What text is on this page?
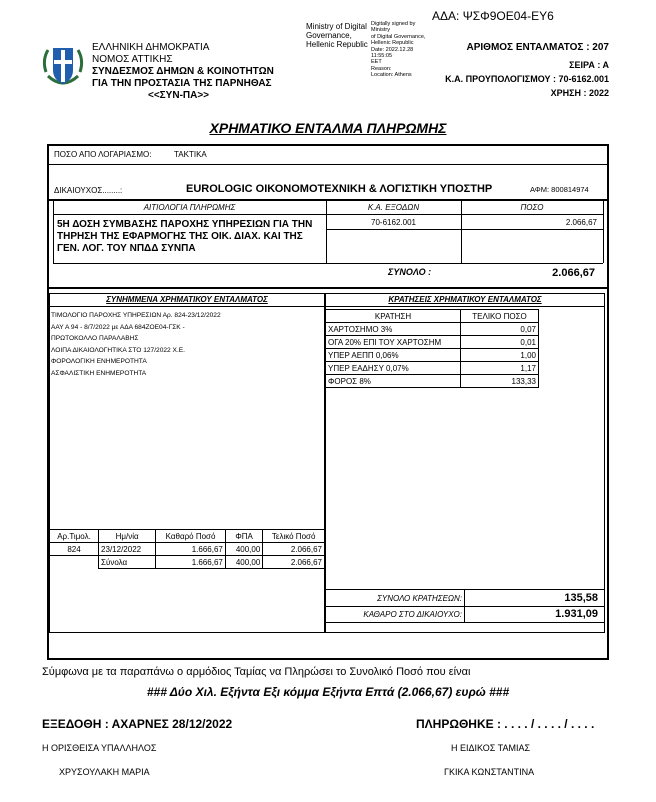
ΑΔΑ: ΨΣΦ9ΟΕ04-ΕΥ6
ΕΛΛΗΝΙΚΗ ΔΗΜΟΚΡΑΤΙΑ
ΝΟΜΟΣ ΑΤΤΙΚΗΣ
ΣΥΝΔΕΣΜΟΣ ΔΗΜΩΝ & ΚΟΙΝΟΤΗΤΩΝ
ΓΙΑ ΤΗΝ ΠΡΟΣΤΑΣΙΑ ΤΗΣ ΠΑΡΝΗΘΑΣ
<<ΣΥΝ-ΠΑ>>
Ministry of Digital
Governance,
Hellenic Republic
Digitally signed by Ministry
of Digital Governance,
Hellenic Republic
Date: 2022.12.28 11:55:05
EET
Reason:
Location: Athens
ΑΡΙΘΜΟΣ ΕΝΤΑΛΜΑΤΟΣ : 207
ΣΕΙΡΑ : Α
Κ.Α. ΠΡΟΥΠΟΛΟΓΙΣΜΟΥ : 70-6162.001
ΧΡΗΣΗ : 2022
ΧΡΗΜΑΤΙΚΟ ΕΝΤΑΛΜΑ ΠΛΗΡΩΜΗΣ
ΠΟΣΟ ΑΠΟ ΛΟΓΑΡΙΑΣΜΟ:	ΤΑΚΤΙΚΑ
ΔΙΚΑΙΟΥΧΟΣ........:	EUROLOGIC ΟΙΚΟΝΟΜΟΤΕΧΝΙΚΗ & ΛΟΓΙΣΤΙΚΗ ΥΠΟΣΤΗΡ	ΑΦΜ: 800814974
ΑΙΤΙΟΛΟΓΙΑ ΠΛΗΡΩΜΗΣ	Κ.Α. ΕΞΟΔΩΝ	ΠΟΣΟ
5Η ΔΟΣΗ ΣΥΜΒΑΣΗΣ ΠΑΡΟΧΗΣ ΥΠΗΡΕΣΙΩΝ ΓΙΑ ΤΗΝ ΤΗΡΗΣΗ ΤΗΣ ΕΦΑΡΜΟΓΗΣ ΤΗΣ ΟΙΚ. ΔΙΑΧ. ΚΑΙ ΤΗΣ ΓΕΝ. ΛΟΓ. ΤΟΥ ΝΠΔΔ ΣΥΝΠΑ
70-6162.001	2.066,67
ΣΥΝΟΛΟ :	2.066,67
ΣΥΝΗΜΜΕΝΑ ΧΡΗΜΑΤΙΚΟΥ ΕΝΤΑΛΜΑΤΟΣ	ΚΡΑΤΗΣΕΙΣ ΧΡΗΜΑΤΙΚΟΥ ΕΝΤΑΛΜΑΤΟΣ
ΤΙΜΟΛΟΓΙΟ ΠΑΡΟΧΗΣ ΥΠΗΡΕΣΙΩΝ Αρ. 824-23/12/2022
ΑΑΥ Α 94 - 8/7/2022 με ΑΔΑ 684ΖΟΕ04-ΓΣΚ -
ΠΡΩΤΟΚΟΛΛΟ ΠΑΡΑΛΑΒΗΣ
ΛΟΙΠΑ ΔΙΚΑΙΟΛΟΓΗΤΙΚΑ ΣΤΟ 127/2022 Χ.Ε.
ΦΟΡΟΛΟΓΙΚΗ ΕΝΗΜΕΡΟΤΗΤΑ
ΑΣΦΑΛΙΣΤΙΚΗ ΕΝΗΜΕΡΟΤΗΤΑ
ΚΡΑΤΗΣΗ	ΤΕΛΙΚΟ ΠΟΣΟ
ΧΑΡΤΟΣΗΜΟ 3%	0,07
ΟΓΑ 20% ΕΠΙ ΤΟΥ ΧΑΡΤΟΣΗΜ	0,01
ΥΠΕΡ ΑΕΠΠ 0,06%	1,00
ΥΠΕΡ ΕΑΔΗΣΥ 0,07%	1,17
ΦΟΡΟΣ 8%	133,33
Αρ.Τιμολ.	Ημ/νία	Καθαρό Ποσό	ΦΠΑ	Τελικό Ποσό
824	23/12/2022	1.666,67	400,00	2.066,67
	Σύνολα	1.666,67	400,00	2.066,67
ΣΥΝΟΛΟ ΚΡΑΤΗΣΕΩΝ:	135,58
ΚΑΘΑΡΟ ΣΤΟ ΔΙΚΑΙΟΥΧΟ:	1.931,09
Σύμφωνα με τα παραπάνω ο αρμόδιος Ταμίας να Πληρώσει το Συνολικό Ποσό που είναι
### Δύο Χιλ. Εξήντα Εξι κόμμα Εξήντα Επτά (2.066,67) ευρώ ###
ΕΞΕΔΟΘΗ : ΑΧΑΡΝΕΣ 28/12/2022	ΠΛΗΡΩΘΗΚΕ : . . . . / . . . . / . . . .
Η ΟΡΙΣΘΕΙΣΑ ΥΠΑΛΛΗΛΟΣ	Η ΕΙΔΙΚΟΣ ΤΑΜΙΑΣ
ΧΡΥΣΟΥΛΑΚΗ ΜΑΡΙΑ	ΓΚΙΚΑ ΚΩΝΣΤΑΝΤΙΝΑ
